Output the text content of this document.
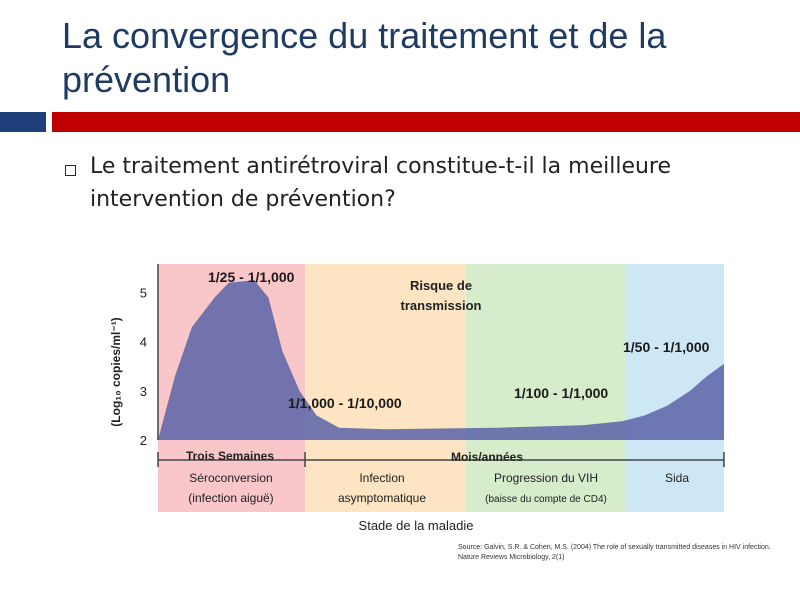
La convergence du traitement et de la prévention

Le traitement antirétroviral constitue-t-il la meilleure intervention de prévention?

2
3
4
5
(Log₁₀ copies/ml⁻¹)
Risque de
transmission
1/25 - 1/1,000
1/1,000 - 1/10,000
1/100 - 1/1,000
1/50 - 1/1,000
Trois Semaines	Mois/années
Séroconversion
(infection aiguë)
Infection
asymptomatique
Progression du VIH
(baisse du compte de CD4)
Sida
Stade de la maladie
Source: Galvin, S.R. & Cohen, M.S. (2004) The role of sexually transmitted diseases in HIV infection. Nature Reviews Microbiology, 2(1)
